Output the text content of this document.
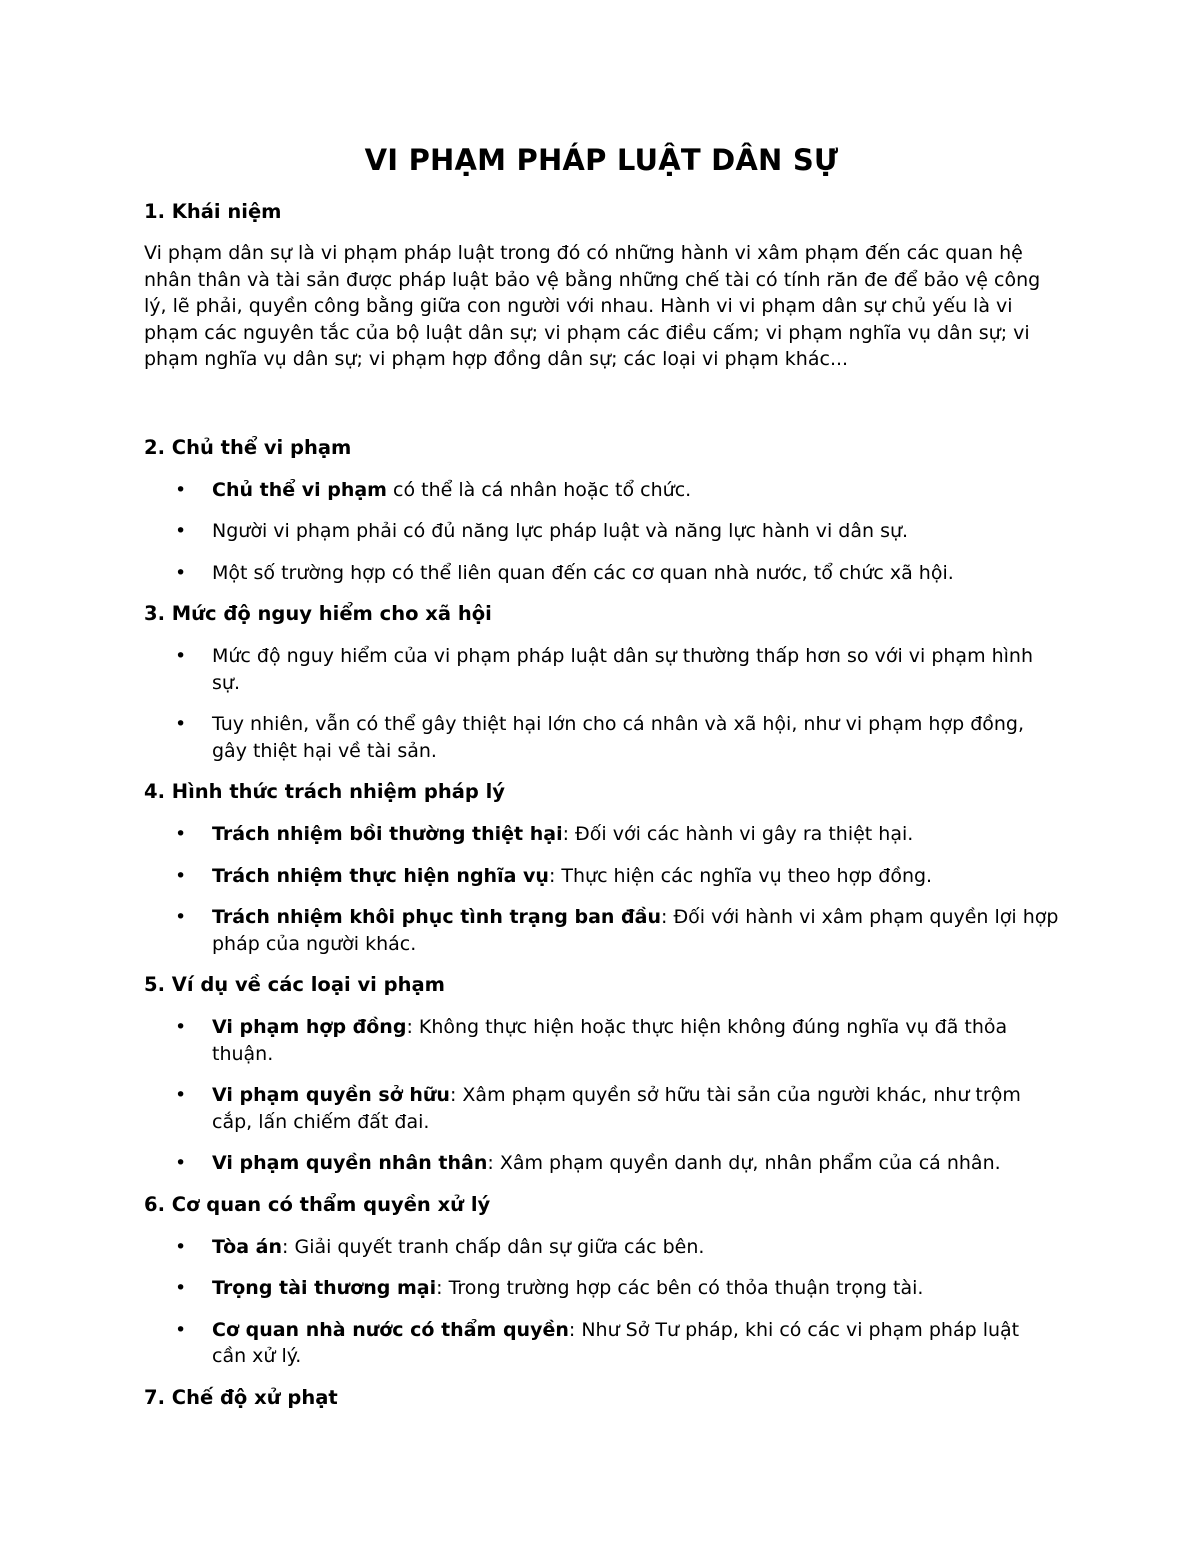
VI PHẠM PHÁP LUẬT DÂN SỰ
1. Khái niệm

Vi phạm dân sự là vi phạm pháp luật trong đó có những hành vi xâm phạm đến các quan hệ nhân thân và tài sản được pháp luật bảo vệ bằng những chế tài có tính răn đe để bảo vệ công lý, lẽ phải, quyền công bằng giữa con người với nhau. Hành vi vi phạm dân sự chủ yếu là vi phạm các nguyên tắc của bộ luật dân sự; vi phạm các điều cấm; vi phạm nghĩa vụ dân sự; vi phạm nghĩa vụ dân sự; vi phạm hợp đồng dân sự; các loại vi phạm khác...

2. Chủ thể vi phạm
• Chủ thể vi phạm có thể là cá nhân hoặc tổ chức.
• Người vi phạm phải có đủ năng lực pháp luật và năng lực hành vi dân sự.
• Một số trường hợp có thể liên quan đến các cơ quan nhà nước, tổ chức xã hội.
3. Mức độ nguy hiểm cho xã hội
• Mức độ nguy hiểm của vi phạm pháp luật dân sự thường thấp hơn so với vi phạm hình sự.
• Tuy nhiên, vẫn có thể gây thiệt hại lớn cho cá nhân và xã hội, như vi phạm hợp đồng, gây thiệt hại về tài sản.
4. Hình thức trách nhiệm pháp lý
• Trách nhiệm bồi thường thiệt hại: Đối với các hành vi gây ra thiệt hại.
• Trách nhiệm thực hiện nghĩa vụ: Thực hiện các nghĩa vụ theo hợp đồng.
• Trách nhiệm khôi phục tình trạng ban đầu: Đối với hành vi xâm phạm quyền lợi hợp pháp của người khác.
5. Ví dụ về các loại vi phạm
• Vi phạm hợp đồng: Không thực hiện hoặc thực hiện không đúng nghĩa vụ đã thỏa thuận.
• Vi phạm quyền sở hữu: Xâm phạm quyền sở hữu tài sản của người khác, như trộm cắp, lấn chiếm đất đai.
• Vi phạm quyền nhân thân: Xâm phạm quyền danh dự, nhân phẩm của cá nhân.
6. Cơ quan có thẩm quyền xử lý
• Tòa án: Giải quyết tranh chấp dân sự giữa các bên.
• Trọng tài thương mại: Trong trường hợp các bên có thỏa thuận trọng tài.
• Cơ quan nhà nước có thẩm quyền: Như Sở Tư pháp, khi có các vi phạm pháp luật cần xử lý.
7. Chế độ xử phạt
